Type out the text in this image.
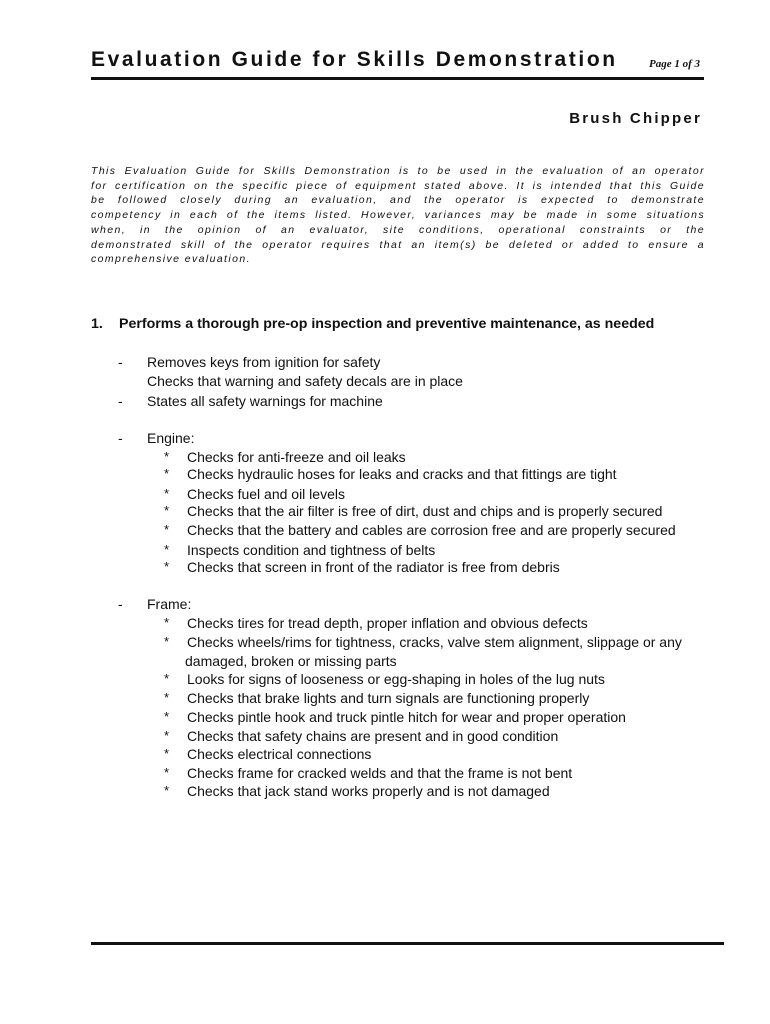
Evaluation Guide for Skills Demonstration	Page 1 of 3
Brush Chipper
This Evaluation Guide for Skills Demonstration is to be used in the evaluation of an operator
for certification on the specific piece of equipment stated above. It is intended that this Guide
be followed closely during an evaluation, and the operator is expected to demonstrate
competency in each of the items listed. However, variances may be made in some situations
when, in the opinion of an evaluator, site conditions, operational constraints or the
demonstrated skill of the operator requires that an item(s) be deleted or added to ensure a
comprehensive evaluation.
1. Performs a thorough pre-op inspection and preventive maintenance, as needed
- Removes keys from ignition for safety
Checks that warning and safety decals are in place
- States all safety warnings for machine
- Engine:
* Checks for anti-freeze and oil leaks
* Checks hydraulic hoses for leaks and cracks and that fittings are tight
* Checks fuel and oil levels
* Checks that the air filter is free of dirt, dust and chips and is properly secured
* Checks that the battery and cables are corrosion free and are properly secured
* Inspects condition and tightness of belts
* Checks that screen in front of the radiator is free from debris
- Frame:
* Checks tires for tread depth, proper inflation and obvious defects
* Checks wheels/rims for tightness, cracks, valve stem alignment, slippage or any
damaged, broken or missing parts
* Looks for signs of looseness or egg-shaping in holes of the lug nuts
* Checks that brake lights and turn signals are functioning properly
* Checks pintle hook and truck pintle hitch for wear and proper operation
* Checks that safety chains are present and in good condition
* Checks electrical connections
* Checks frame for cracked welds and that the frame is not bent
* Checks that jack stand works properly and is not damaged
